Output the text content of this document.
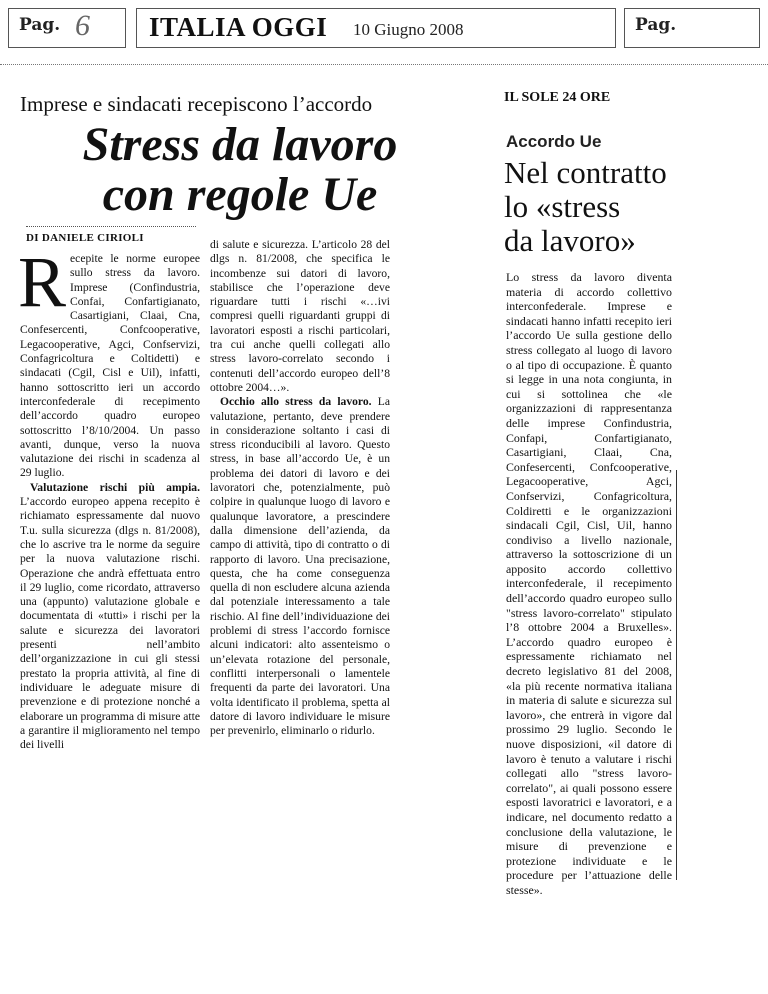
Pag. 6 ITALIA OGGI 10 Giugno 2008	Pag.
Imprese e sindacati recepiscono l’accordo
Stress da lavoro
con regole Ue
DI DANIELE CIRIOLI

Recepite le norme europee sullo stress da lavoro. Imprese (Confindustria, Confai, Confartigianato, Casartigiani, Claai, Cna, Confesercenti, Confcooperative, Legacooperative, Agci, Confservizi, Confagricoltura e Coltidetti) e sindacati (Cgil, Cisl e Uil), infatti, hanno sottoscritto ieri un accordo interconfederale di recepimento dell’accordo quadro europeo sottoscritto l’8/10/2004. Un passo avanti, dunque, verso la nuova valutazione dei rischi in scadenza al 29 luglio.

Valutazione rischi più ampia. L’accordo europeo appena recepito è richiamato espressamente dal nuovo T.u. sulla sicurezza (dlgs n. 81/2008), che lo ascrive tra le norme da seguire per la nuova valutazione rischi. Operazione che andrà effettuata entro il 29 luglio, come ricordato, attraverso una (appunto) valutazione globale e documentata di «tutti» i rischi per la salute e sicurezza dei lavoratori presenti nell’ambito dell’organizzazione in cui gli stessi prestato la propria attività, al fine di individuare le adeguate misure di prevenzione e di protezione nonché a elaborare un programma di misure atte a garantire il miglioramento nel tempo dei livelli

di salute e sicurezza. L’articolo 28 del dlgs n. 81/2008, che specifica le incombenze sui datori di lavoro, stabilisce che l’operazione deve riguardare tutti i rischi «…ivi compresi quelli riguardanti gruppi di lavoratori esposti a rischi particolari, tra cui anche quelli collegati allo stress lavoro-correlato secondo i contenuti dell’accordo europeo dell’8 ottobre 2004…».

Occhio allo stress da lavoro. La valutazione, pertanto, deve prendere in considerazione soltanto i casi di stress riconducibili al lavoro. Questo stress, in base all’accordo Ue, è un problema dei datori di lavoro e dei lavoratori che, potenzialmente, può colpire in qualunque luogo di lavoro e qualunque lavoratore, a prescindere dalla dimensione dell’azienda, da campo di attività, tipo di contratto o di rapporto di lavoro. Una precisazione, questa, che ha come conseguenza quella di non escludere alcuna azienda dal potenziale interessamento a tale rischio. Al fine dell’individuazione dei problemi di stress l’accordo fornisce alcuni indicatori: alto assenteismo o un’elevata rotazione del personale, conflitti interpersonali o lamentele frequenti da parte dei lavoratori. Una volta identificato il problema, spetta al datore di lavoro individuare le misure per prevenirlo, eliminarlo o ridurlo.

IL SOLE 24 ORE
Accordo Ue
Nel contratto
lo «stress
da lavoro»

Lo stress da lavoro diventa materia di accordo collettivo interconfederale. Imprese e sindacati hanno infatti recepito ieri l’accordo Ue sulla gestione dello stress collegato al luogo di lavoro o al tipo di occupazione. È quanto si legge in una nota congiunta, in cui si sottolinea che «le organizzazioni di rappresentanza delle imprese Confindustria, Confapi, Confartigianato, Casartigiani, Claai, Cna, Confesercenti, Confcooperative, Legacooperative, Agci, Confservizi, Confagricoltura, Coldiretti e le organizzazioni sindacali Cgil, Cisl, Uil, hanno condiviso a livello nazionale, attraverso la sottoscrizione di un apposito accordo collettivo interconfederale, il recepimento dell’accordo quadro europeo sullo "stress lavoro-correlato" stipulato l’8 ottobre 2004 a Bruxelles». L’accordo quadro europeo è espressamente richiamato nel decreto legislativo 81 del 2008, «la più recente normativa italiana in materia di salute e sicurezza sul lavoro», che entrerà in vigore dal prossimo 29 luglio. Secondo le nuove disposizioni, «il datore di lavoro è tenuto a valutare i rischi collegati allo "stress lavoro-correlato", ai quali possono essere esposti lavoratrici e lavoratori, e a indicare, nel documento redatto a conclusione della valutazione, le misure di prevenzione e protezione individuate e le procedure per l’attuazione delle stesse».
